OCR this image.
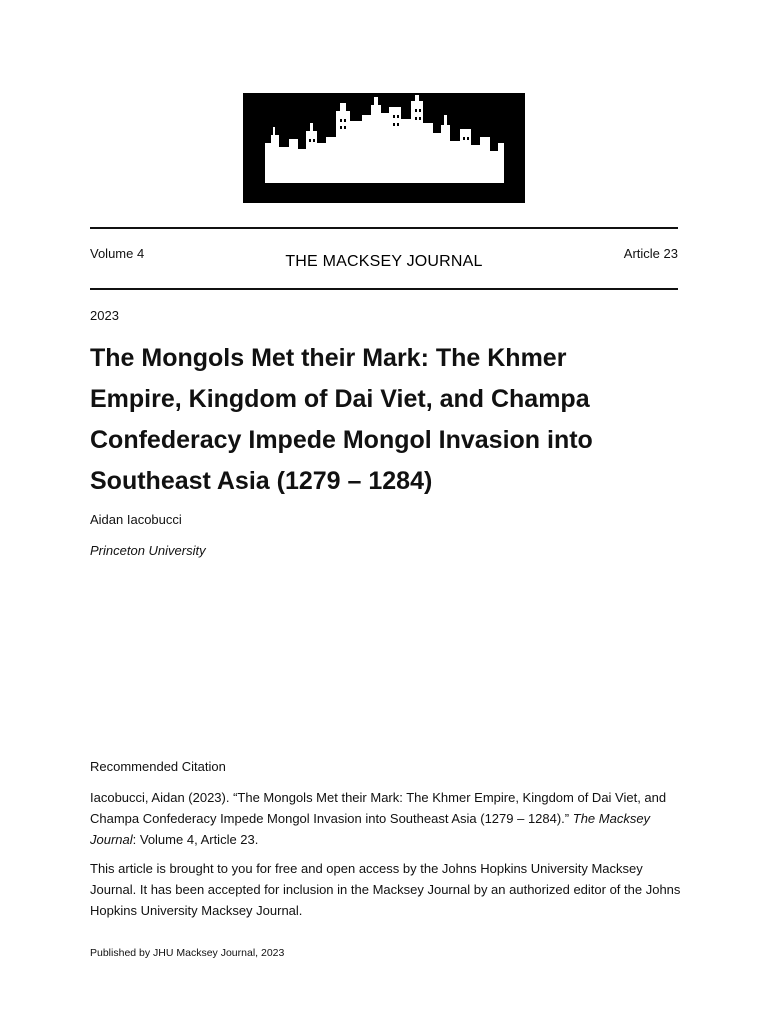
THE MACKSEY JOURNAL
Johns Hopkins University • Baltimore, MD
Volume 4	Article 23
2023
The Mongols Met their Mark: The Khmer
Empire, Kingdom of Dai Viet, and Champa
Confederacy Impede Mongol Invasion into
Southeast Asia (1279 – 1284)
Aidan Iacobucci
Princeton University
Recommended Citation

Iacobucci, Aidan (2023). “The Mongols Met their Mark: The Khmer Empire, Kingdom of Dai Viet, and Champa Confederacy Impede Mongol Invasion into Southeast Asia (1279 – 1284).” The Macksey Journal: Volume 4, Article 23.

This article is brought to you for free and open access by the Johns Hopkins University Macksey Journal. It has been accepted for inclusion in the Macksey Journal by an authorized editor of the Johns Hopkins University Macksey Journal.

Published by JHU Macksey Journal, 2023
